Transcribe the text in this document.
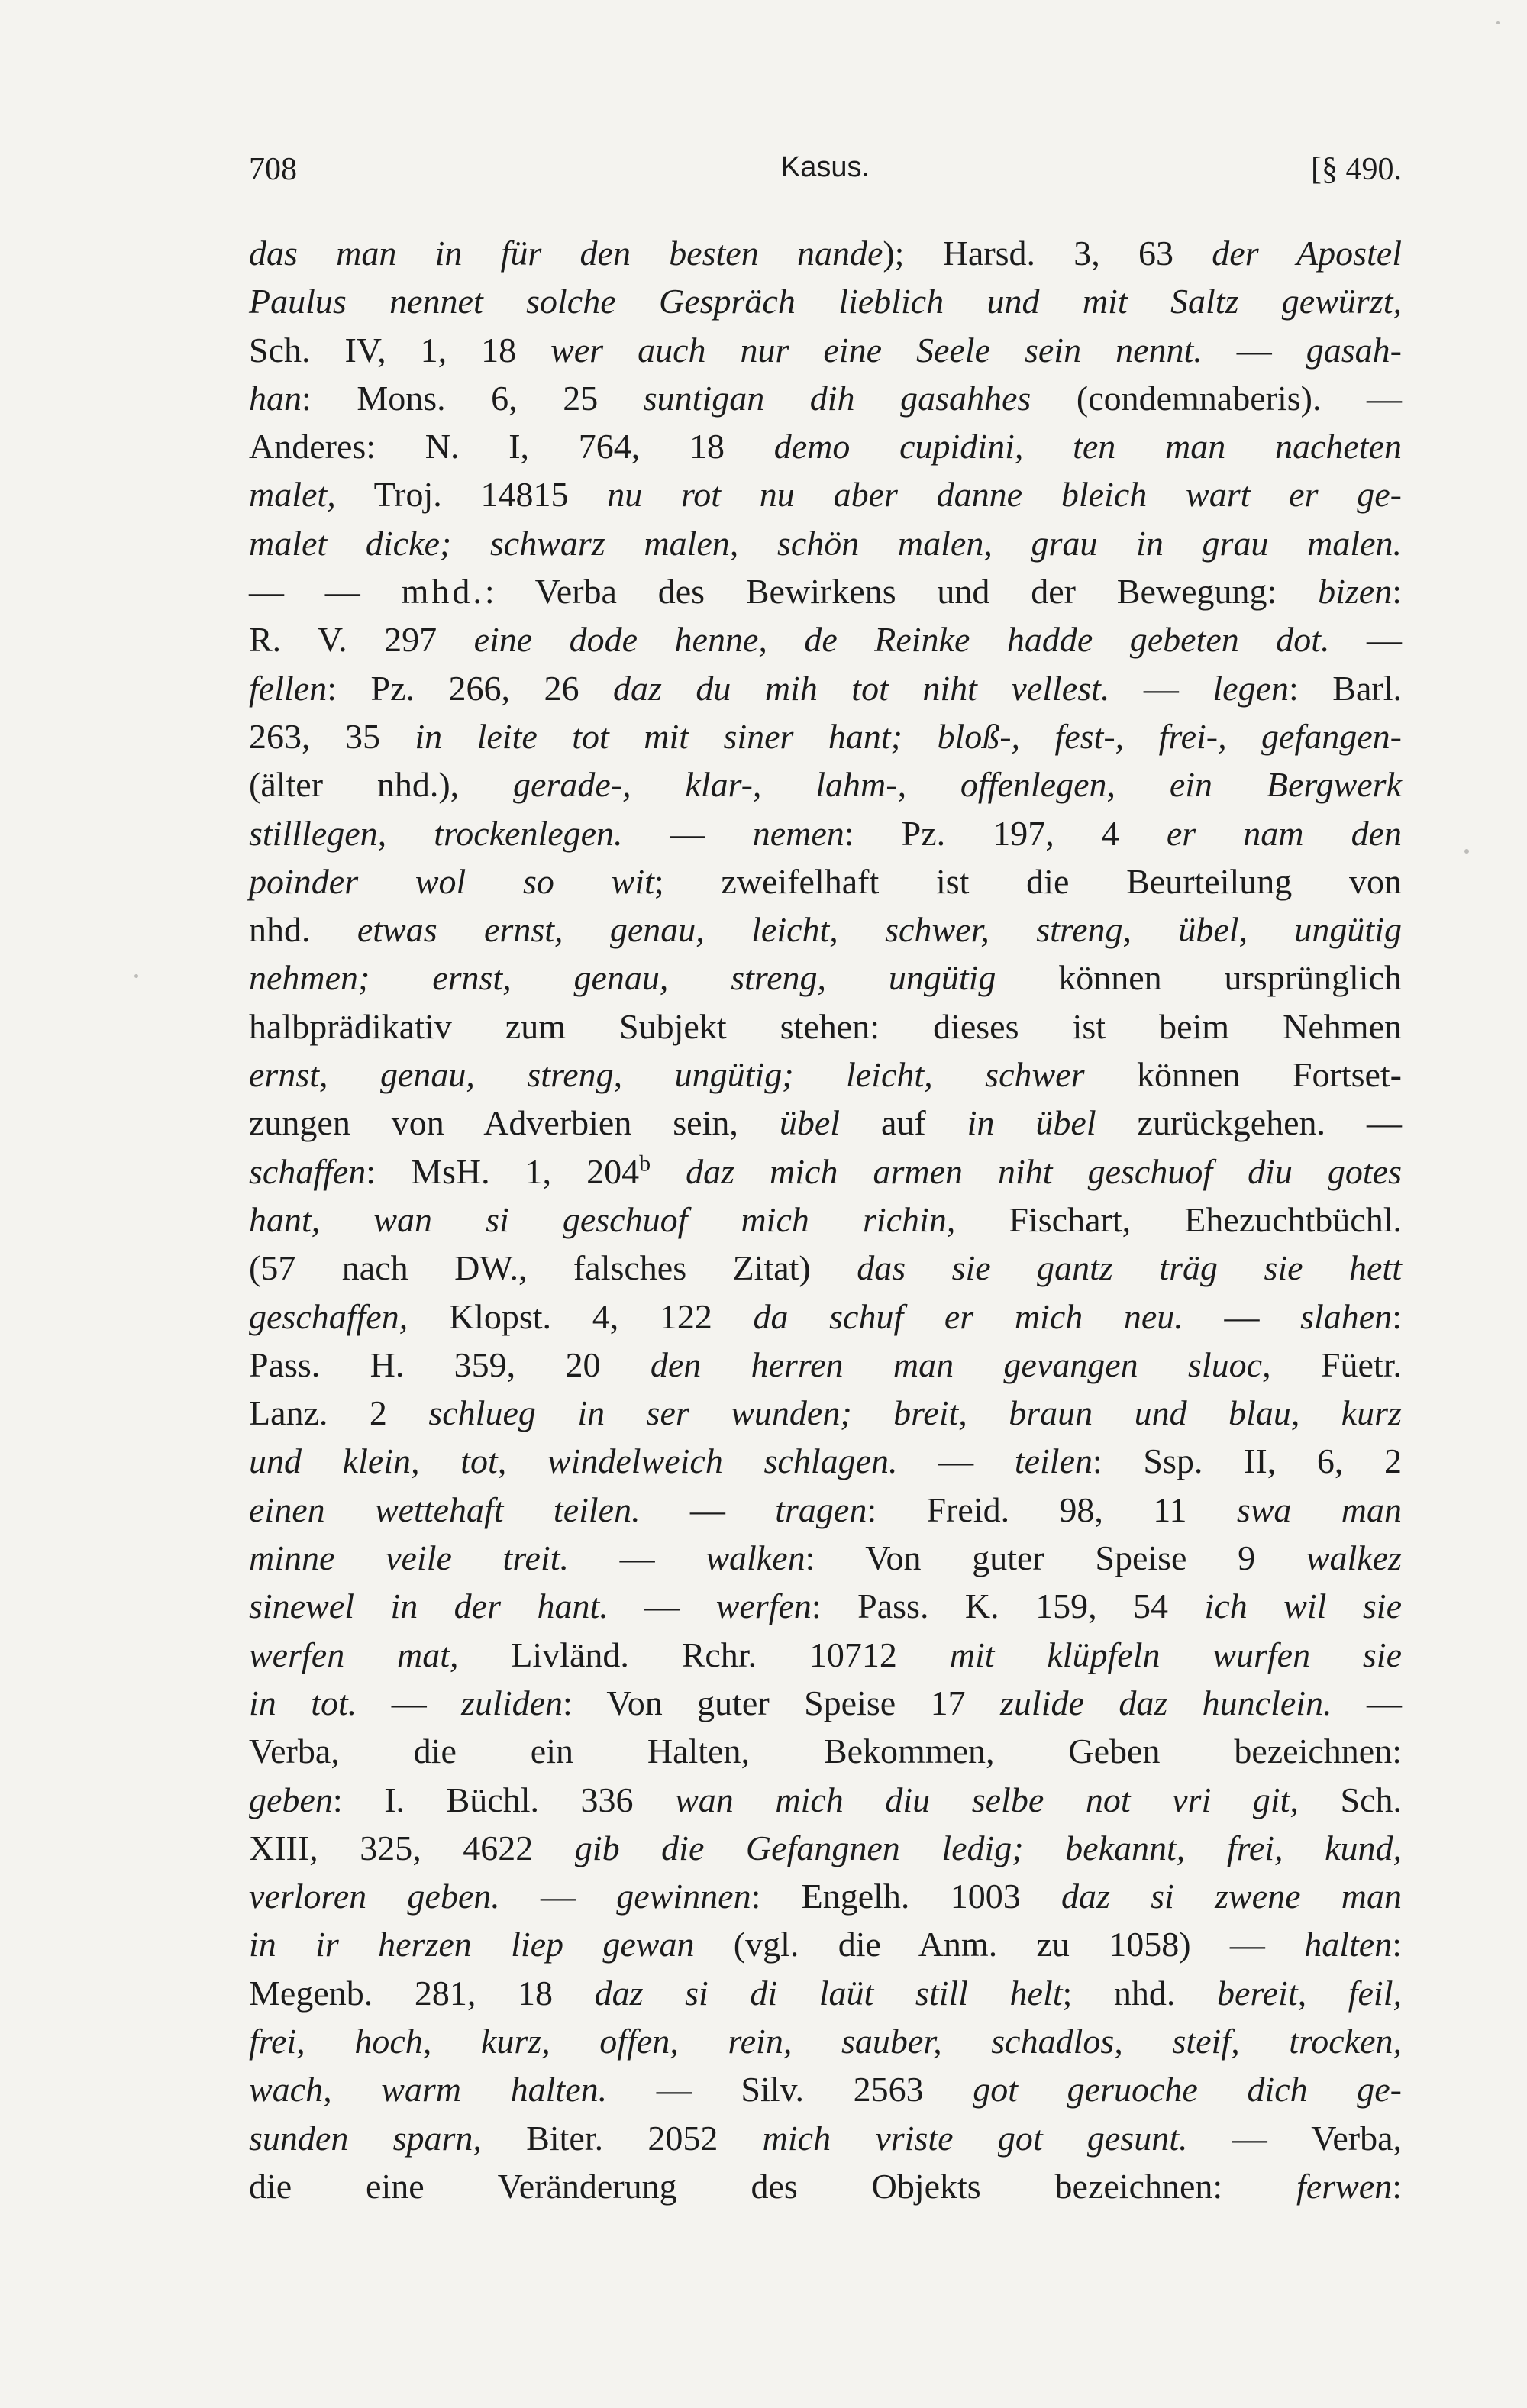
708	Kasus.	[§ 490.
das man in für den besten nande); Harsd. 3, 63 der Apostel
Paulus nennet solche Gespräch lieblich und mit Saltz gewürzt,
Sch. IV, 1, 18 wer auch nur eine Seele sein nennt. — gasah-
han: Mons. 6, 25 suntigan dih gasahhes (condemnaberis). —
Anderes: N. I, 764, 18 demo cupidini, ten man nacheten
malet, Troj. 14815 nu rot nu aber danne bleich wart er ge-
malet dicke; schwarz malen, schön malen, grau in grau malen.
— — mhd.: Verba des Bewirkens und der Bewegung: bizen:
R. V. 297 eine dode henne, de Reinke hadde gebeten dot. —
fellen: Pz. 266, 26 daz du mih tot niht vellest. — legen: Barl.
263, 35 in leite tot mit siner hant; bloß-, fest-, frei-, gefangen-
(älter nhd.), gerade-, klar-, lahm-, offenlegen, ein Bergwerk
stilllegen, trockenlegen. — nemen: Pz. 197, 4 er nam den
poinder wol so wit; zweifelhaft ist die Beurteilung von
nhd. etwas ernst, genau, leicht, schwer, streng, übel, ungütig
nehmen; ernst, genau, streng, ungütig können ursprünglich
halbprädikativ zum Subjekt stehen: dieses ist beim Nehmen
ernst, genau, streng, ungütig; leicht, schwer können Fortset-
zungen von Adverbien sein, übel auf in übel zurückgehen. —
schaffen: MsH. 1, 204$^b$ daz mich armen niht geschuof diu gotes
hant, wan si geschuof mich richin, Fischart, Ehezuchtbüchl.
(57 nach DW., falsches Zitat) das sie gantz träg sie hett
geschaffen, Klopst. 4, 122 da schuf er mich neu. — slahen:
Pass. H. 359, 20 den herren man gevangen sluoc, Füetr.
Lanz. 2 schlueg in ser wunden; breit, braun und blau, kurz
und klein, tot, windelweich schlagen. — teilen: Ssp. II, 6, 2
einen wettehaft teilen. — tragen: Freid. 98, 11 swa man
minne veile treit. — walken: Von guter Speise 9 walkez
sinewel in der hant. — werfen: Pass. K. 159, 54 ich wil sie
werfen mat, Livländ. Rchr. 10712 mit klüpfeln wurfen sie
in tot. — zuliden: Von guter Speise 17 zulide daz hunclein. —
Verba, die ein Halten, Bekommen, Geben bezeichnen:
geben: I. Büchl. 336 wan mich diu selbe not vri git, Sch.
XIII, 325, 4622 gib die Gefangnen ledig; bekannt, frei, kund,
verloren geben. — gewinnen: Engelh. 1003 daz si zwene man
in ir herzen liep gewan (vgl. die Anm. zu 1058) — halten:
Megenb. 281, 18 daz si di laüt still helt; nhd. bereit, feil,
frei, hoch, kurz, offen, rein, sauber, schadlos, steif, trocken,
wach, warm halten. — Silv. 2563 got geruoche dich ge-
sunden sparn, Biter. 2052 mich vriste got gesunt. — Verba,
die eine Veränderung des Objekts bezeichnen: ferwen:
